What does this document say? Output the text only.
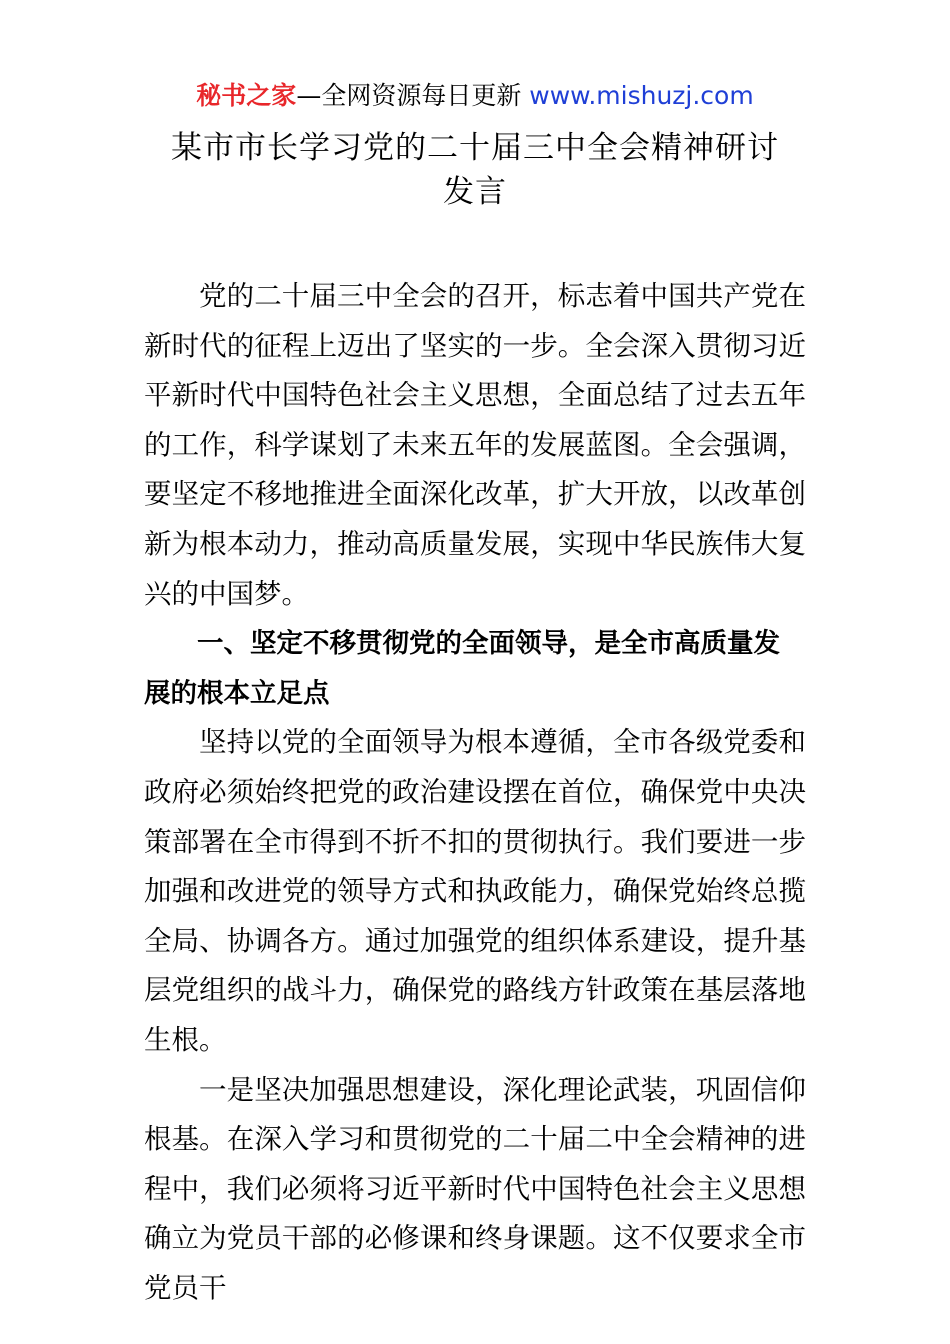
秘书之家—全网资源每日更新 www.mishuzj.com
某市市长学习党的二十届三中全会精神研讨
发言

党的二十届三中全会的召开，标志着中国共产党在新时代的征程上迈出了坚实的一步。全会深入贯彻习近平新时代中国特色社会主义思想，全面总结了过去五年的工作，科学谋划了未来五年的发展蓝图。全会强调，要坚定不移地推进全面深化改革，扩大开放，以改革创新为根本动力，推动高质量发展，实现中华民族伟大复兴的中国梦。

一、坚定不移贯彻党的全面领导，是全市高质量发展的根本立足点

坚持以党的全面领导为根本遵循，全市各级党委和政府必须始终把党的政治建设摆在首位，确保党中央决策部署在全市得到不折不扣的贯彻执行。我们要进一步加强和改进党的领导方式和执政能力，确保党始终总揽全局、协调各方。通过加强党的组织体系建设，提升基层党组织的战斗力，确保党的路线方针政策在基层落地生根。

一是坚决加强思想建设，深化理论武装，巩固信仰根基。在深入学习和贯彻党的二十届二中全会精神的进程中，我们必须将习近平新时代中国特色社会主义思想确立为党员干部的必修课和终身课题。这不仅要求全市党员干
